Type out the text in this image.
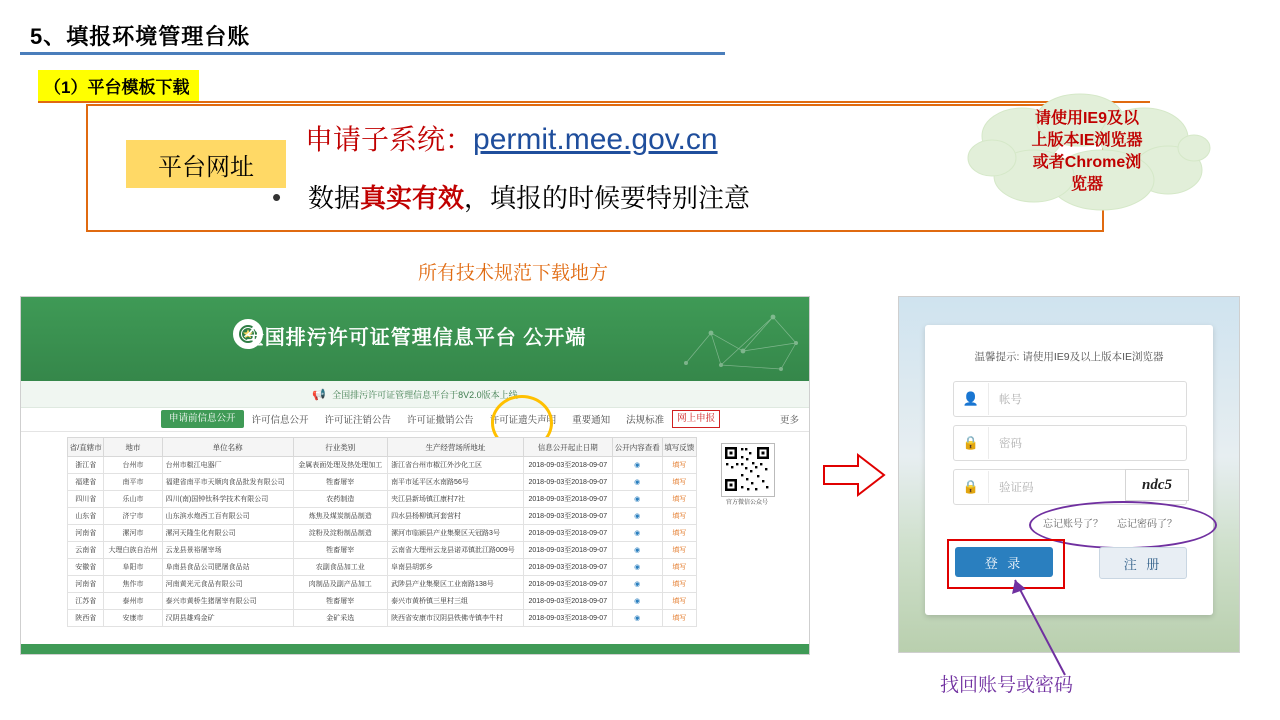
5、填报环境管理台账
（1）平台模板下载
平台网址
申请子系统：permit.mee.gov.cn
• 数据真实有效，填报的时候要特别注意
请使用IE9及以
上版本IE浏览器
或者Chrome浏
览器
所有技术规范下载地方
找回账号或密码
全国排污许可证管理信息平台 公开端
📢 全国排污许可证管理信息平台于8V2.0版本上线
申请前信息公开	许可信息公开	许可证注销公告	许可证撤销公告	许可证遗失声明	重要通知	法规标准	网上申报	更多
省/直辖市	地市	单位名称	行业类别	生产经营场所地址	信息公开起止日期	公开内容查看	填写反馈
浙江省	台州市	台州市椒江电器厂	金属表面处理及热处理加工	浙江省台州市椒江外沙化工区	2018-09-03至2018-09-07	◉	填写
福建省	南平市	福建省南平市天顺肉食品批发有限公司	牲畜屠宰	南平市延平区水南路56号	2018-09-03至2018-09-07	◉	填写
四川省	乐山市	四川(南)国钟钛科学技术有限公司	农药制造	夹江县新场镇江康村7社	2018-09-03至2018-09-07	◉	填写
山东省	济宁市	山东滨水炮西工百有限公司	炼焦及煤炭制品制造	四水县杨柳镇河套营村	2018-09-03至2018-09-07	◉	填写
河南省	漯河市	漯河天隆生化有限公司	淀粉及淀粉制品制造	漯河市临颍县产业集聚区天冠路3号	2018-09-03至2018-09-07	◉	填写
云南省	大理白族自治州	云龙县景裕屠宰场	牲畜屠宰	云南省大理州云龙县诺邓镇沘江路009号	2018-09-03至2018-09-07	◉	填写
安徽省	阜阳市	阜南县食品公司肥屠食品站	农副食品加工业	阜南县胡郭乡	2018-09-03至2018-09-07	◉	填写
河南省	焦作市	河南黄光元食品有限公司	肉制品及副产品加工	武陟县产业集聚区工业南路138号	2018-09-03至2018-09-07	◉	填写
江苏省	泰州市	泰兴市黄桥生猪屠宰有限公司	牲畜屠宰	泰兴市黄桥镇三里村三组	2018-09-03至2018-09-07	◉	填写
陕西省	安康市	汉阴县雄鸡金矿	金矿采选	陕西省安康市汉阴县铁佛寺镇李牛村	2018-09-03至2018-09-07	◉	填写
官方微信公众号
温馨提示: 请使用IE9及以上版本IE浏览器
👤	帐号
🔒	密码
🔒	验证码	ndc5
忘记账号了？ 忘记密码了？
登 录	注 册
